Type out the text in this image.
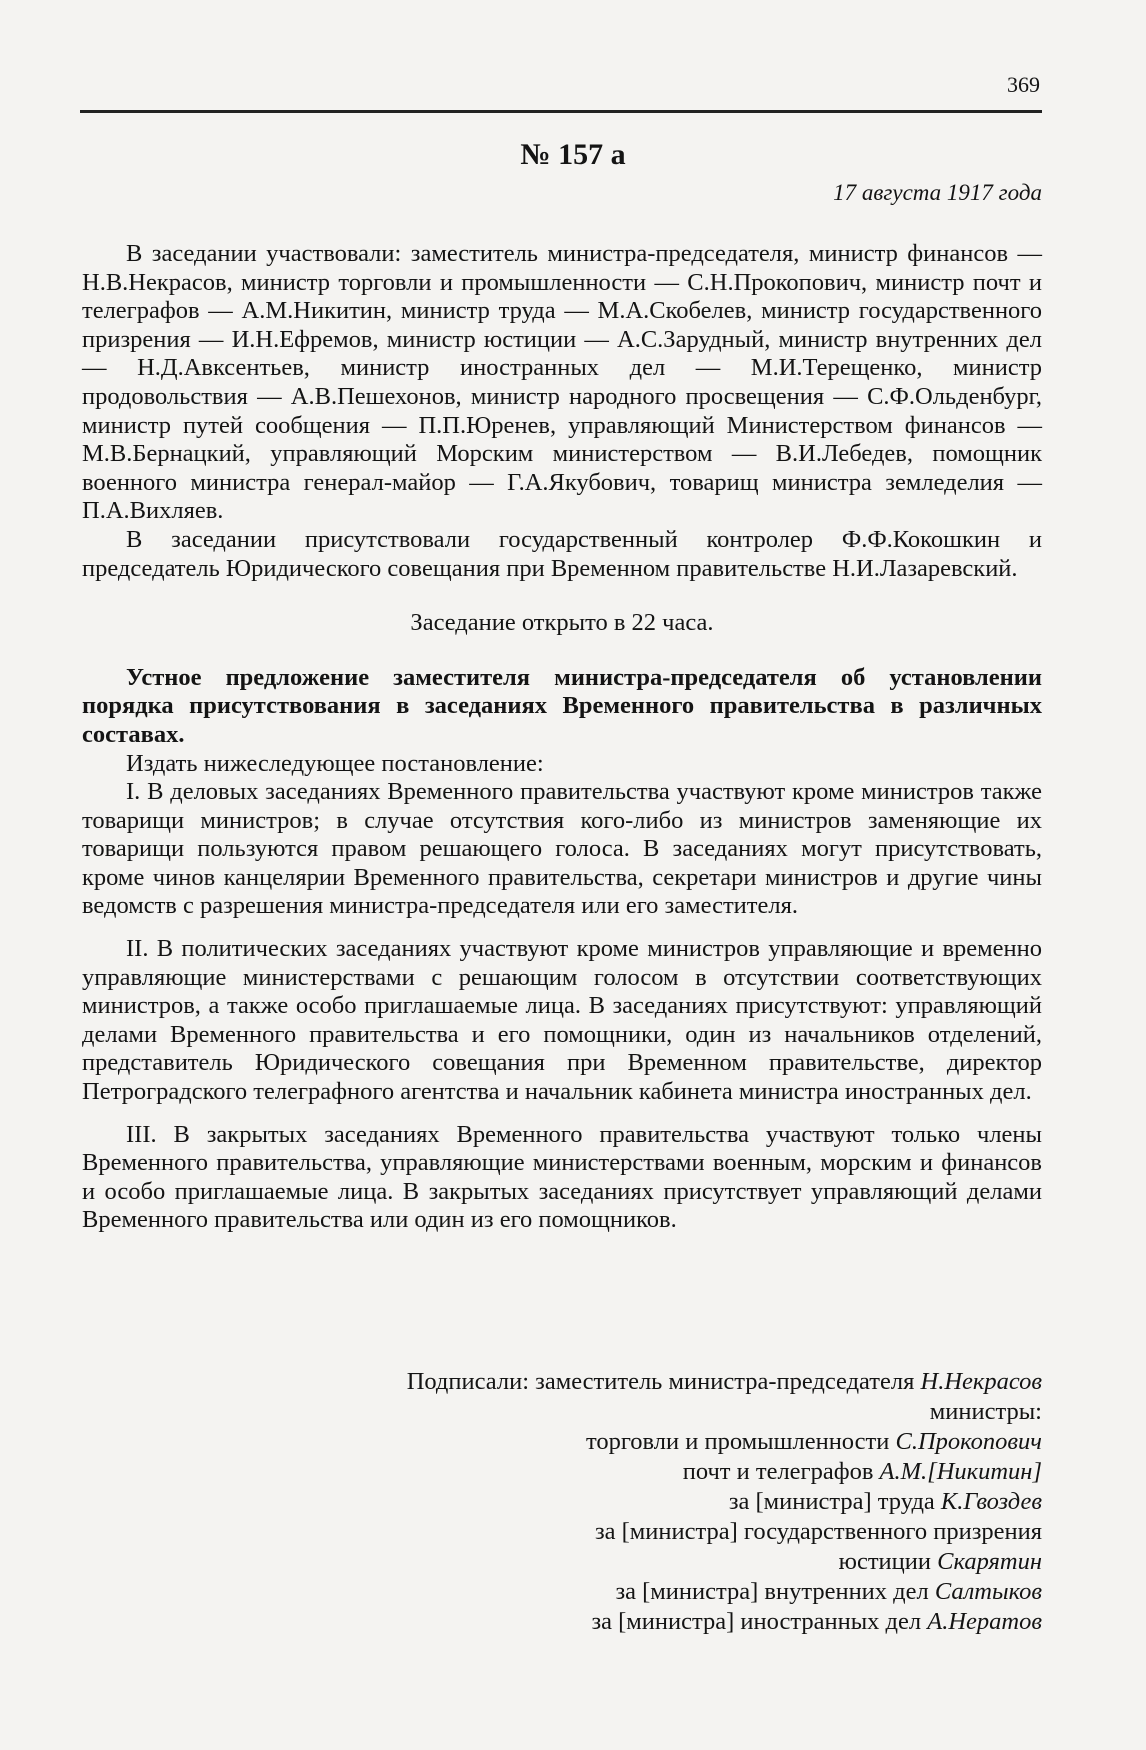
369
№ 157 а
17 августа 1917 года

В заседании участвовали: заместитель министра-председателя, министр финансов — Н.В.Некрасов, министр торговли и промышленности — С.Н.Прокопович, министр почт и телеграфов — А.М.Никитин, министр труда — М.А.Скобелев, министр государственного призрения — И.Н.Ефремов, министр юстиции — А.С.Зарудный, министр внутренних дел — Н.Д.Авксентьев, министр иностранных дел — М.И.Терещенко, министр продовольствия — А.В.Пешехонов, министр народного просвещения — С.Ф.Ольденбург, министр путей сообщения — П.П.Юренев, управляющий Министерством финансов — М.В.Бернацкий, управляющий Морским министерством — В.И.Лебедев, помощник военного министра генерал-майор — Г.А.Якубович, товарищ министра земледелия — П.А.Вихляев.

В заседании присутствовали государственный контролер Ф.Ф.Кокошкин и председатель Юридического совещания при Временном правительстве Н.И.Лазаревский.

Заседание открыто в 22 часа.

Устное предложение заместителя министра-председателя об установлении порядка присутствования в заседаниях Временного правительства в различных составах.

Издать нижеследующее постановление:

I. В деловых заседаниях Временного правительства участвуют кроме министров также товарищи министров; в случае отсутствия кого-либо из министров заменяющие их товарищи пользуются правом решающего голоса. В заседаниях могут присутствовать, кроме чинов канцелярии Временного правительства, секретари министров и другие чины ведомств с разрешения министра-председателя или его заместителя.

II. В политических заседаниях участвуют кроме министров управляющие и временно управляющие министерствами с решающим голосом в отсутствии соответствующих министров, а также особо приглашаемые лица. В заседаниях присутствуют: управляющий делами Временного правительства и его помощники, один из начальников отделений, представитель Юридического совещания при Временном правительстве, директор Петроградского телеграфного агентства и начальник кабинета министра иностранных дел.

III. В закрытых заседаниях Временного правительства участвуют только члены Временного правительства, управляющие министерствами военным, морским и финансов и особо приглашаемые лица. В закрытых заседаниях присутствует управляющий делами Временного правительства или один из его помощников.

Подписали: заместитель министра-председателя Н.Некрасов
министры:
торговли и промышленности С.Прокопович
почт и телеграфов А.М.[Никитин]
за [министра] труда К.Гвоздев
за [министра] государственного призрения
юстиции Скарятин
за [министра] внутренних дел Салтыков
за [министра] иностранных дел А.Нератов
